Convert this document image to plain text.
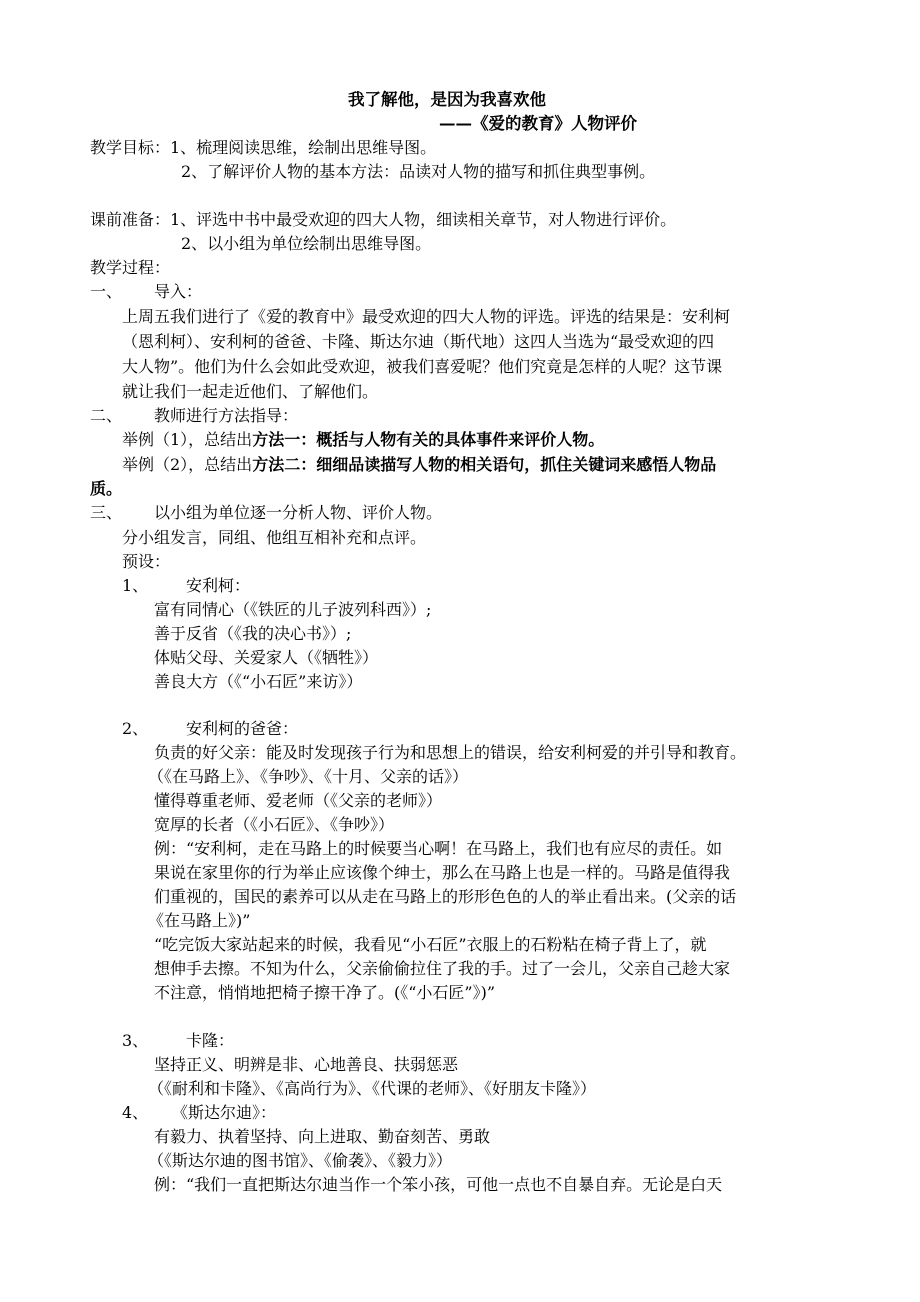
我了解他，是因为我喜欢他
——《爱的教育》人物评价
教学目标： 1、梳理阅读思维，绘制出思维导图。
2、了解评价人物的基本方法：品读对人物的描写和抓住典型事例。
课前准备： 1、评选中书中最受欢迎的四大人物，细读相关章节，对人物进行评价。
2、以小组为单位绘制出思维导图。
教学过程：
一、 导入：
上周五我们进行了《爱的教育中》最受欢迎的四大人物的评选。评选的结果是：安利柯
（恩利柯）、安利柯的爸爸、卡隆、斯达尔迪（斯代地）这四人当选为“最受欢迎的四
大人物”。他们为什么会如此受欢迎，被我们喜爱呢？他们究竟是怎样的人呢？这节课
就让我们一起走近他们、了解他们。
二、 教师进行方法指导：
举例（1），总结出方法一：概括与人物有关的具体事件来评价人物。
举例（2），总结出方法二：细细品读描写人物的相关语句，抓住关键词来感悟人物品
质。
三、 以小组为单位逐一分析人物、评价人物。
分小组发言，同组、他组互相补充和点评。
预设：
1、 安利柯：
富有同情心（《铁匠的儿子波列科西》）;
善于反省（《我的决心书》）;
体贴父母、关爱家人（《牺牲》）
善良大方（《“小石匠”来访》）
2、 安利柯的爸爸：
负责的好父亲：能及时发现孩子行为和思想上的错误，给安利柯爱的并引导和教育。
（《在马路上》、《争吵》、《十月、父亲的话》）
懂得尊重老师、爱老师（《父亲的老师》）
宽厚的长者（《小石匠》、《争吵》）
例：“安利柯，走在马路上的时候要当心啊！在马路上，我们也有应尽的责任。如
果说在家里你的行为举止应该像个绅士，那么在马路上也是一样的。马路是值得我
们重视的，国民的素养可以从走在马路上的形形色色的人的举止看出来。(父亲的话
《在马路上》)”
“吃完饭大家站起来的时候，我看见“小石匠”衣服上的石粉粘在椅子背上了，就
想伸手去擦。不知为什么，父亲偷偷拉住了我的手。过了一会儿，父亲自己趁大家
不注意，悄悄地把椅子擦干净了。(《“小石匠”》)”
3、 卡隆：
坚持正义、明辨是非、心地善良、扶弱惩恶
（《耐利和卡隆》、《高尚行为》、《代课的老师》、《好朋友卡隆》）
4、 《斯达尔迪》：
有毅力、执着坚持、向上进取、勤奋刻苦、勇敢
（《斯达尔迪的图书馆》、《偷袭》、《毅力》）
例：“我们一直把斯达尔迪当作一个笨小孩，可他一点也不自暴自弃。无论是白天
